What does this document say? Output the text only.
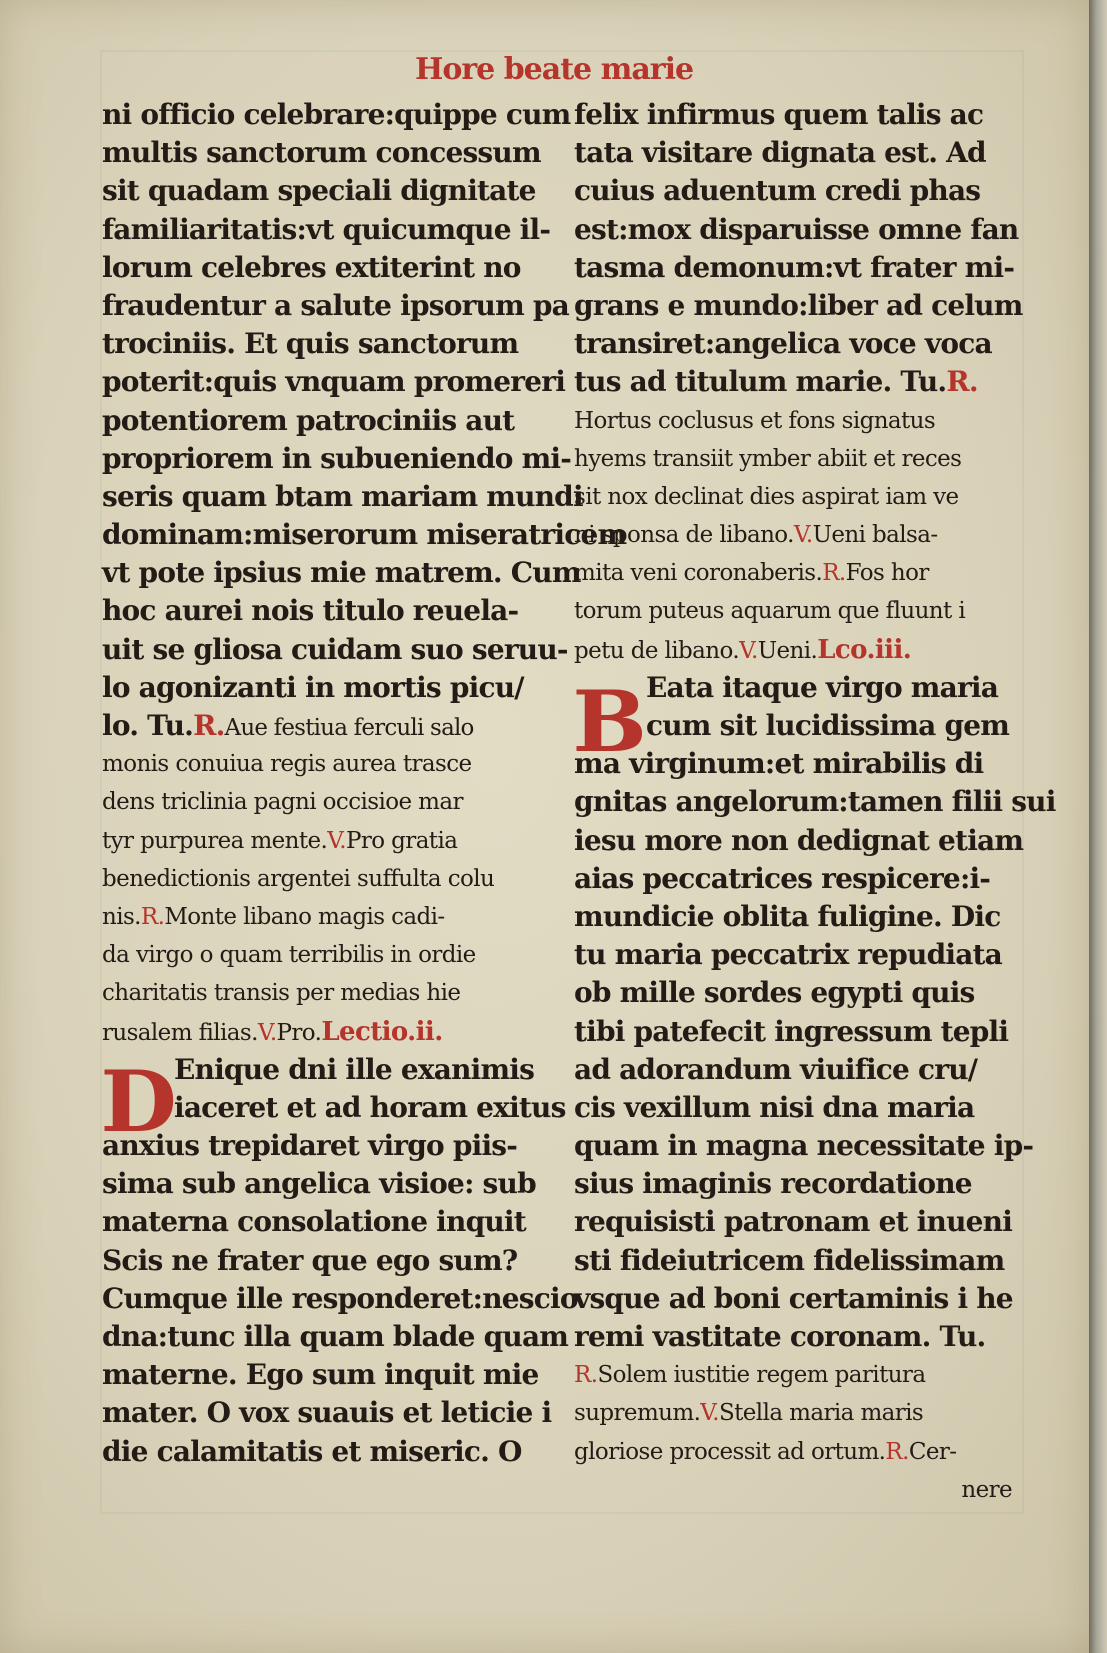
Hore beate marie
D
B
ni officio celebrare:quippe cum
multis sanctorum concessum
sit quadam speciali dignitate
familiaritatis:vt quicumque il-
lorum celebres extiterint no
fraudentur a salute ipsorum pa
trociniis. Et quis sanctorum
poterit:quis vnquam promereri
potentiorem patrociniis aut
propriorem in subueniendo mi-
seris quam btam mariam mundi
dominam:miserorum miseratricem
vt pote ipsius mie matrem. Cum
hoc aurei nois titulo reuela-
uit se gliosa cuidam suo seruu-
lo agonizanti in mortis picu/
lo. Tu.R.Aue festiua ferculi salo
monis conuiua regis aurea trasce
dens triclinia pagni occisioe mar
tyr purpurea mente.V.Pro gratia
benedictionis argentei suffulta colu
nis.R.Monte libano magis cadi-
da virgo o quam terribilis in ordie
charitatis transis per medias hie
rusalem filias.V.Pro.Lectio.ii.
Enique dni ille exanimis
iaceret et ad horam exitus
anxius trepidaret virgo piis-
sima sub angelica visioe: sub
materna consolatione inquit
Scis ne frater que ego sum?
Cumque ille responderet:nescio
dna:tunc illa quam blade quam
materne. Ego sum inquit mie
mater. O vox suauis et leticie i
die calamitatis et miseric. O
felix infirmus quem talis ac
tata visitare dignata est. Ad
cuius aduentum credi phas
est:mox disparuisse omne fan
tasma demonum:vt frater mi-
grans e mundo:liber ad celum
transiret:angelica voce voca
tus ad titulum marie. Tu.R.
Hortus coclusus et fons signatus
hyems transiit ymber abiit et reces
sit nox declinat dies aspirat iam ve
ni sponsa de libano.V.Ueni balsa-
mita veni coronaberis.R.Fos hor
torum puteus aquarum que fluunt i
petu de libano.V.Ueni.Lco.iii.
Eata itaque virgo maria
cum sit lucidissima gem
ma virginum:et mirabilis di
gnitas angelorum:tamen filii sui
iesu more non dedignat etiam
aias peccatrices respicere:i-
mundicie oblita fuligine. Dic
tu maria peccatrix repudiata
ob mille sordes egypti quis
tibi patefecit ingressum tepli
ad adorandum viuifice cru/
cis vexillum nisi dna maria
quam in magna necessitate ip-
sius imaginis recordatione
requisisti patronam et inueni
sti fideiutricem fidelissimam
vsque ad boni certaminis i he
remi vastitate coronam. Tu.
R.Solem iustitie regem paritura
supremum.V.Stella maria maris
gloriose processit ad ortum.R.Cer-
nere
